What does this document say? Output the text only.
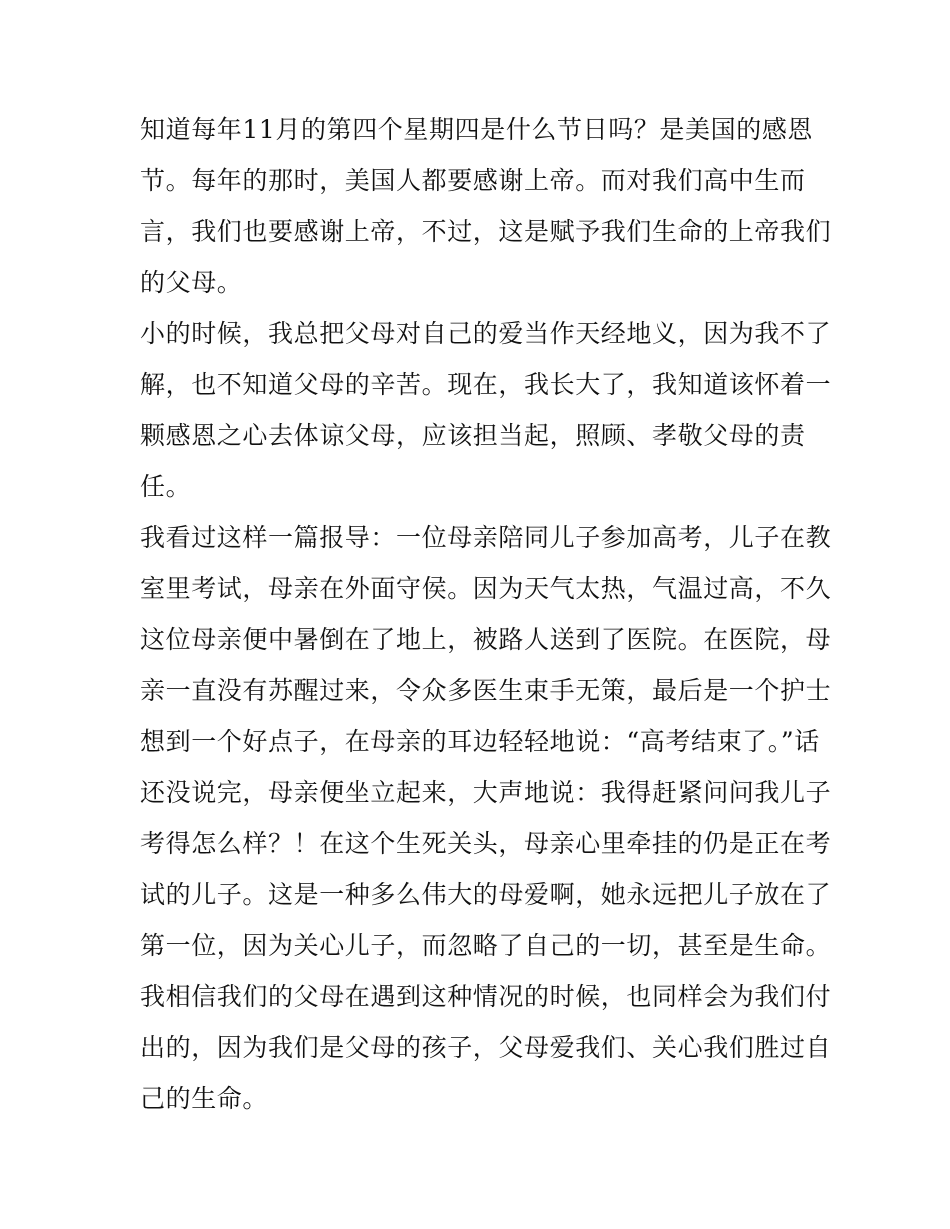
知道每年11月的第四个星期四是什么节日吗？是美国的感恩
节。每年的那时，美国人都要感谢上帝。而对我们高中生而
言，我们也要感谢上帝，不过，这是赋予我们生命的上帝我们
的父母。
小的时候，我总把父母对自己的爱当作天经地义，因为我不了
解，也不知道父母的辛苦。现在，我长大了，我知道该怀着一
颗感恩之心去体谅父母，应该担当起，照顾、孝敬父母的责
任。
我看过这样一篇报导：一位母亲陪同儿子参加高考，儿子在教
室里考试，母亲在外面守侯。因为天气太热，气温过高，不久
这位母亲便中暑倒在了地上，被路人送到了医院。在医院，母
亲一直没有苏醒过来，令众多医生束手无策，最后是一个护士
想到一个好点子，在母亲的耳边轻轻地说：“高考结束了。”话
还没说完，母亲便坐立起来，大声地说：我得赶紧问问我儿子
考得怎么样？！在这个生死关头，母亲心里牵挂的仍是正在考
试的儿子。这是一种多么伟大的母爱啊，她永远把儿子放在了
第一位，因为关心儿子，而忽略了自己的一切，甚至是生命。
我相信我们的父母在遇到这种情况的时候，也同样会为我们付
出的，因为我们是父母的孩子，父母爱我们、关心我们胜过自
己的生命。
